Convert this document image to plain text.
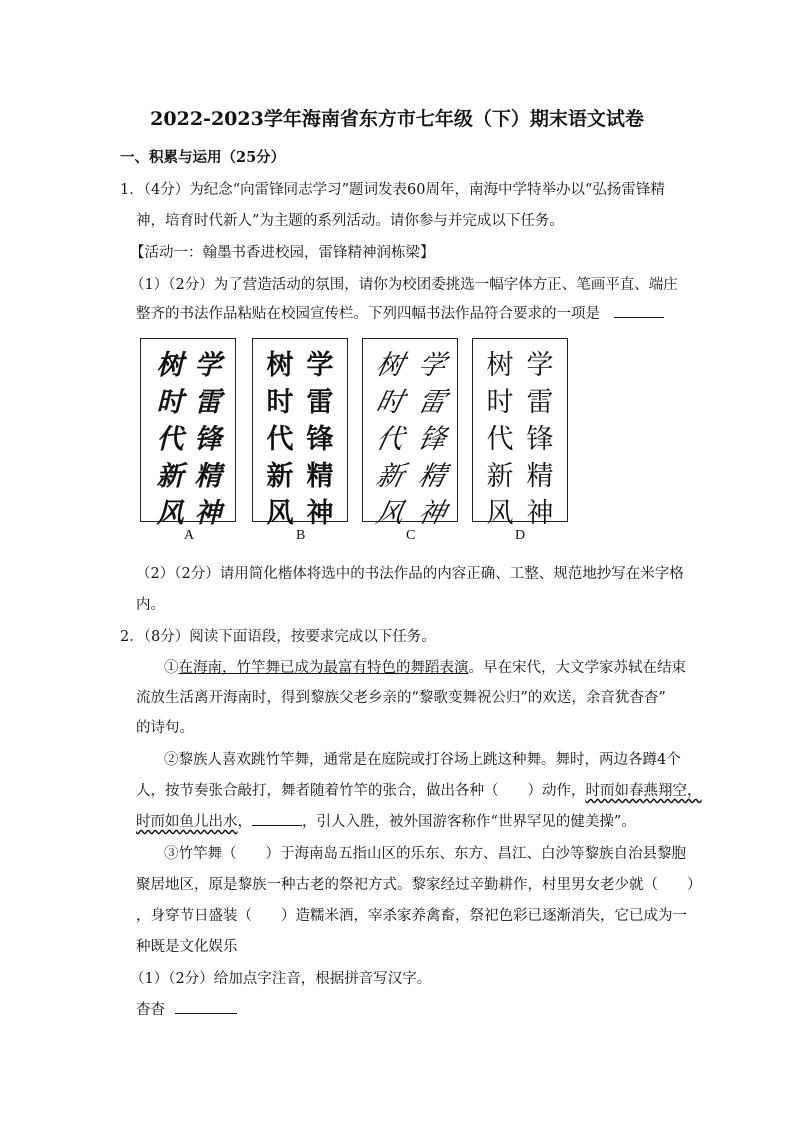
2022-2023学年海南省东方市七年级（下）期末语文试卷
一、积累与运用（25分）
1．（4分）为纪念“向雷锋同志学习”题词发表60周年，南海中学特举办以“弘扬雷锋精
神，培育时代新人”为主题的系列活动。请你参与并完成以下任务。
【活动一：翰墨书香进校园，雷锋精神润栋梁】
（1）（2分）为了营造活动的氛围，请你为校团委挑选一幅字体方正、笔画平直、端庄
整齐的书法作品粘贴在校园宣传栏。下列四幅书法作品符合要求的一项是
树
时
代
新
风
学
雷
锋
精
神
树
时
代
新
风
学
雷
锋
精
神
树
时
代
新
风
学
雷
锋
精
神
树
时
代
新
风
学
雷
锋
精
神
A	B	C	D
（2）（2分）请用简化楷体将选中的书法作品的内容正确、工整、规范地抄写在米字格
内。
2．（8分）阅读下面语段，按要求完成以下任务。
①在海南，竹竿舞已成为最富有特色的舞蹈表演。早在宋代，大文学家苏轼在结束
流放生活离开海南时，得到黎族父老乡亲的“黎歌变舞祝公归”的欢送，余音犹杳杳”
的诗句。
②黎族人喜欢跳竹竿舞，通常是在庭院或打谷场上跳这种舞。舞时，两边各蹲4个
人，按节奏张合敲打，舞者随着竹竿的张合，做出各种（　　）动作，时而如春燕翔空，
时而如鱼儿出水，	，引人入胜，被外国游客称作“世界罕见的健美操”。
③竹竿舞（　　）于海南岛五指山区的乐东、东方、昌江、白沙等黎族自治县黎胞
聚居地区，原是黎族一种古老的祭祀方式。黎家经过辛勤耕作，村里男女老少就（　　）
，身穿节日盛装（　　）造糯米酒，宰杀家养禽畜，祭祀色彩已逐渐消失，它已成为一
种既是文化娱乐
（1）（2分）给加点字注音，根据拼音写汉字。
杳杳
